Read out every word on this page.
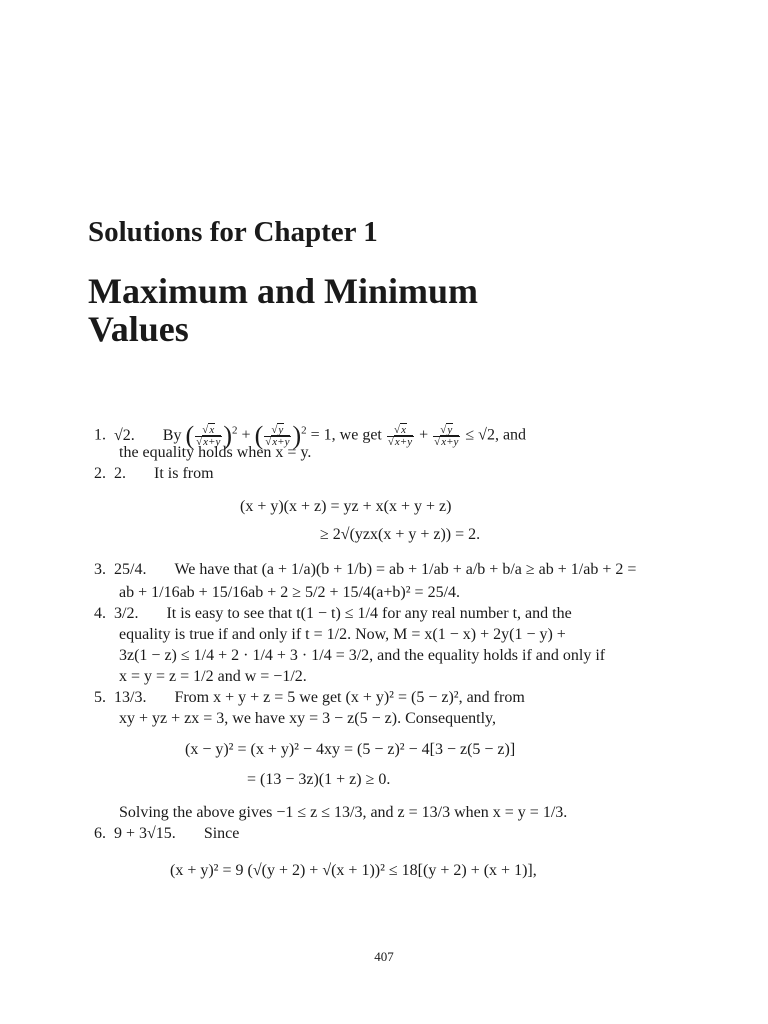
Solutions for Chapter 1
Maximum and Minimum
Values
1. √2. By ( $\frac{√x}{√x+y} )^2$ + ( $\frac{√y}{√x+y} )^2 = 1$, we get $\frac{√x}{√x+y} + \frac{√y}{√x+y} \le √2$, and
the equality holds when x = y.
2. 2. It is from
(x + y)(x + z) = yz + x(x + y + z)
≥ 2√(yzx(x + y + z)) = 2.
3. 25/4. We have that (a + 1/a)(b + 1/b) = ab + 1/ab + a/b + b/a ≥ ab + 1/ab + 2 =
ab + 1/16ab + 15/16ab + 2 ≥ 5/2 + 15/4(a+b)² = 25/4.
4. 3/2. It is easy to see that t(1 − t) ≤ 1/4 for any real number t, and the
equality is true if and only if t = 1/2. Now, M = x(1 − x) + 2y(1 − y) +
3z(1 − z) ≤ 1/4 + 2 · 1/4 + 3 · 1/4 = 3/2, and the equality holds if and only if
x = y = z = 1/2 and w = −1/2.
5. 13/3. From x + y + z = 5 we get (x + y)² = (5 − z)², and from
xy + yz + zx = 3, we have xy = 3 − z(5 − z). Consequently,
(x − y)² = (x + y)² − 4xy = (5 − z)² − 4[3 − z(5 − z)]
= (13 − 3z)(1 + z) ≥ 0.
Solving the above gives −1 ≤ z ≤ 13/3, and z = 13/3 when x = y = 1/3.
6. 9 + 3√15. Since
(x + y)² = 9 (√(y + 2) + √(x + 1))² ≤ 18[(y + 2) + (x + 1)],
407
